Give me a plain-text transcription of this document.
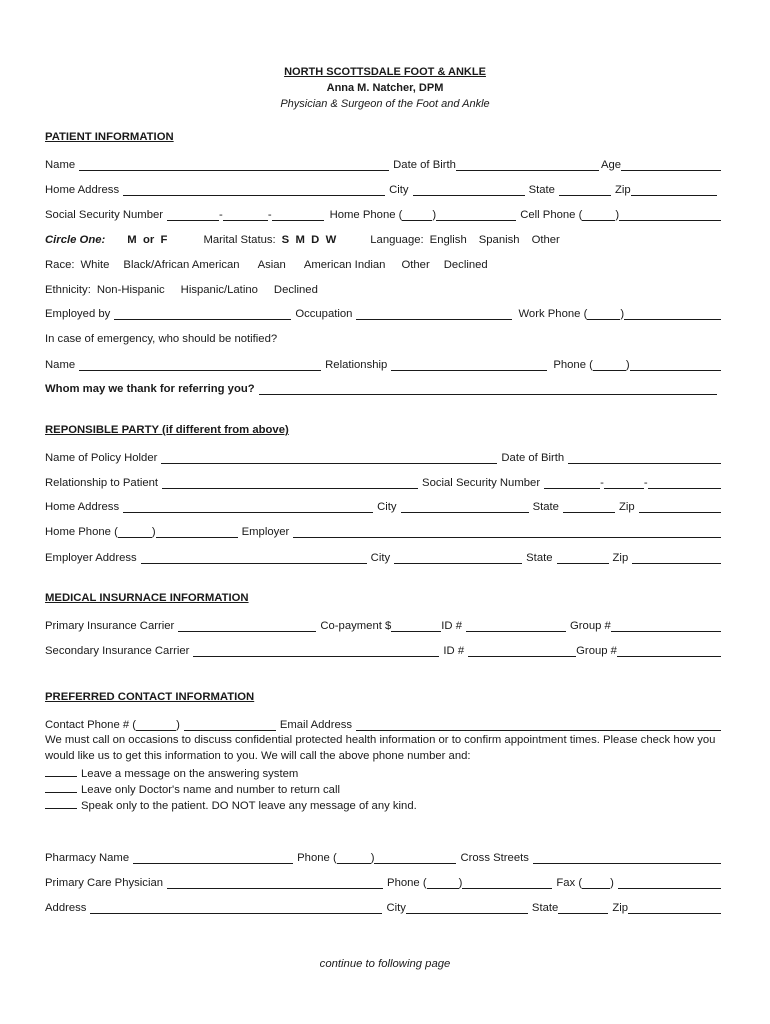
NORTH SCOTTSDALE FOOT & ANKLE
Anna M. Natcher, DPM
Physician & Surgeon of the Foot and Ankle
PATIENT INFORMATION
Name	Date of Birth	Age
Home Address	City	State	Zip
Social Security Number	-	-	Home Phone (	)	Cell Phone (	)
Circle One: M  or  F	Marital Status: S  M  D  W	Language: English Spanish Other
Race: White Black/African American Asian American Indian Other Declined
Ethnicity: Non-Hispanic Hispanic/Latino Declined
Employed by	Occupation	Work Phone (	)
In case of emergency, who should be notified?
Name	Relationship	Phone (	)
Whom may we thank for referring you?
REPONSIBLE PARTY (if different from above)
Name of Policy Holder	Date of Birth
Relationship to Patient	Social Security Number	-	-
Home Address	City	State	Zip
Home Phone (	)	Employer
Employer Address	City	State	Zip
MEDICAL INSURNACE INFORMATION
Primary Insurance Carrier	Co-payment $	ID #	Group #
Secondary Insurance Carrier	ID #	Group #
PREFERRED CONTACT INFORMATION
Contact Phone # (	)	Email Address
We must call on occasions to discuss confidential protected health information or to confirm appointment times. Please check how you would like us to get this information to you. We will call the above phone number and:
Leave a message on the answering system
Leave only Doctor's name and number to return call
Speak only to the patient. DO NOT leave any message of any kind.
Pharmacy Name	Phone (	)	Cross Streets
Primary Care Physician	Phone (	)	Fax ( )
Address	City	State	Zip
continue to following page
